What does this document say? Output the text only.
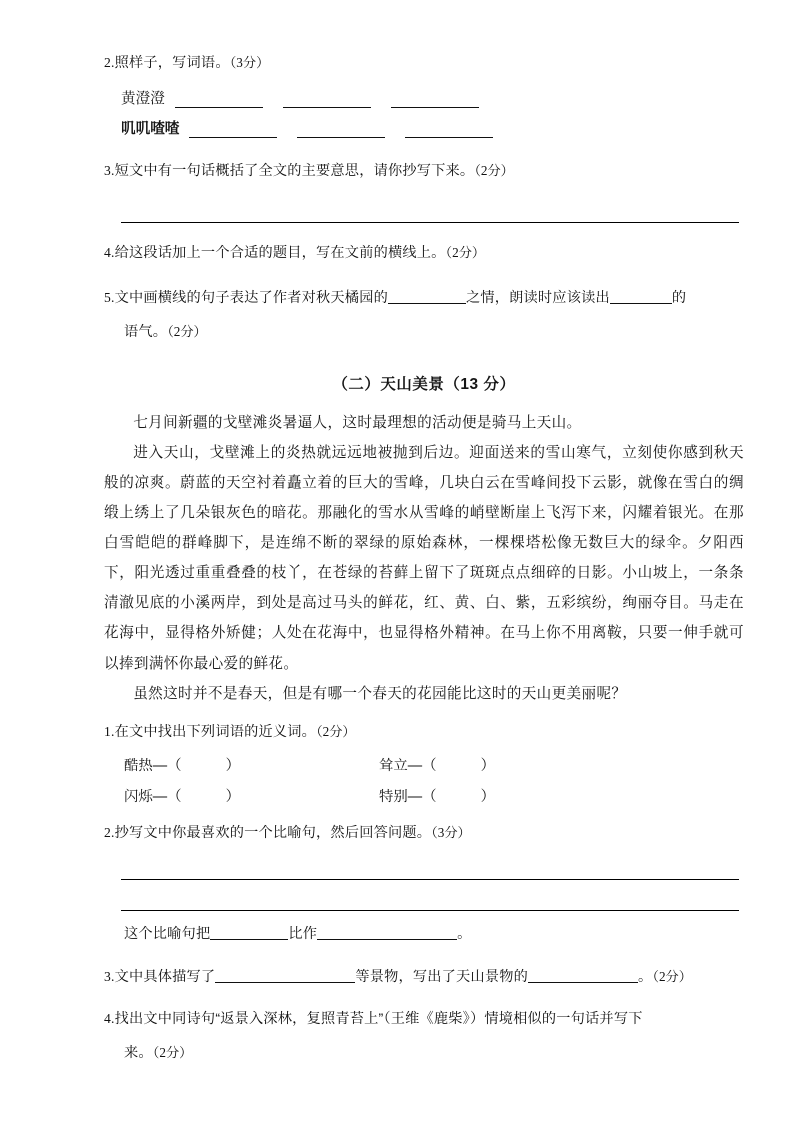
2.照样子，写词语。（3分）
黄澄澄
叽叽喳喳
3.短文中有一句话概括了全文的主要意思，请你抄写下来。（2分）
4.给这段话加上一个合适的题目，写在文前的横线上。（2分）
5.文中画横线的句子表达了作者对秋天橘园的	之情，朗读时应该读出	的
语气。（2分）
（二）天山美景（13 分）

七月间新疆的戈壁滩炎暑逼人，这时最理想的活动便是骑马上天山。

进入天山，戈壁滩上的炎热就远远地被抛到后边。迎面送来的雪山寒气，立刻使你感到秋天般的凉爽。蔚蓝的天空衬着矗立着的巨大的雪峰，几块白云在雪峰间投下云影，就像在雪白的绸缎上绣上了几朵银灰色的暗花。那融化的雪水从雪峰的峭壁断崖上飞泻下来，闪耀着银光。在那白雪皑皑的群峰脚下，是连绵不断的翠绿的原始森林，一棵棵塔松像无数巨大的绿伞。夕阳西下，阳光透过重重叠叠的枝丫，在苍绿的苔藓上留下了斑斑点点细碎的日影。小山坡上，一条条清澈见底的小溪两岸，到处是高过马头的鲜花，红、黄、白、紫，五彩缤纷，绚丽夺目。马走在花海中，显得格外矫健；人处在花海中，也显得格外精神。在马上你不用离鞍，只要一伸手就可以捧到满怀你最心爱的鲜花。

虽然这时并不是春天，但是有哪一个春天的花园能比这时的天山更美丽呢？

1.在文中找出下列词语的近义词。（2分）
酷热—（	）	耸立—（	）
闪烁—（	）	特别—（	）
2.抄写文中你最喜欢的一个比喻句，然后回答问题。（3分）
这个比喻句把	比作	。
3.文中具体描写了	等景物，写出了天山景物的	。（2分）
4.找出文中同诗句“返景入深林，复照青苔上”（王维《鹿柴》）情境相似的一句话并写下
来。（2分）
